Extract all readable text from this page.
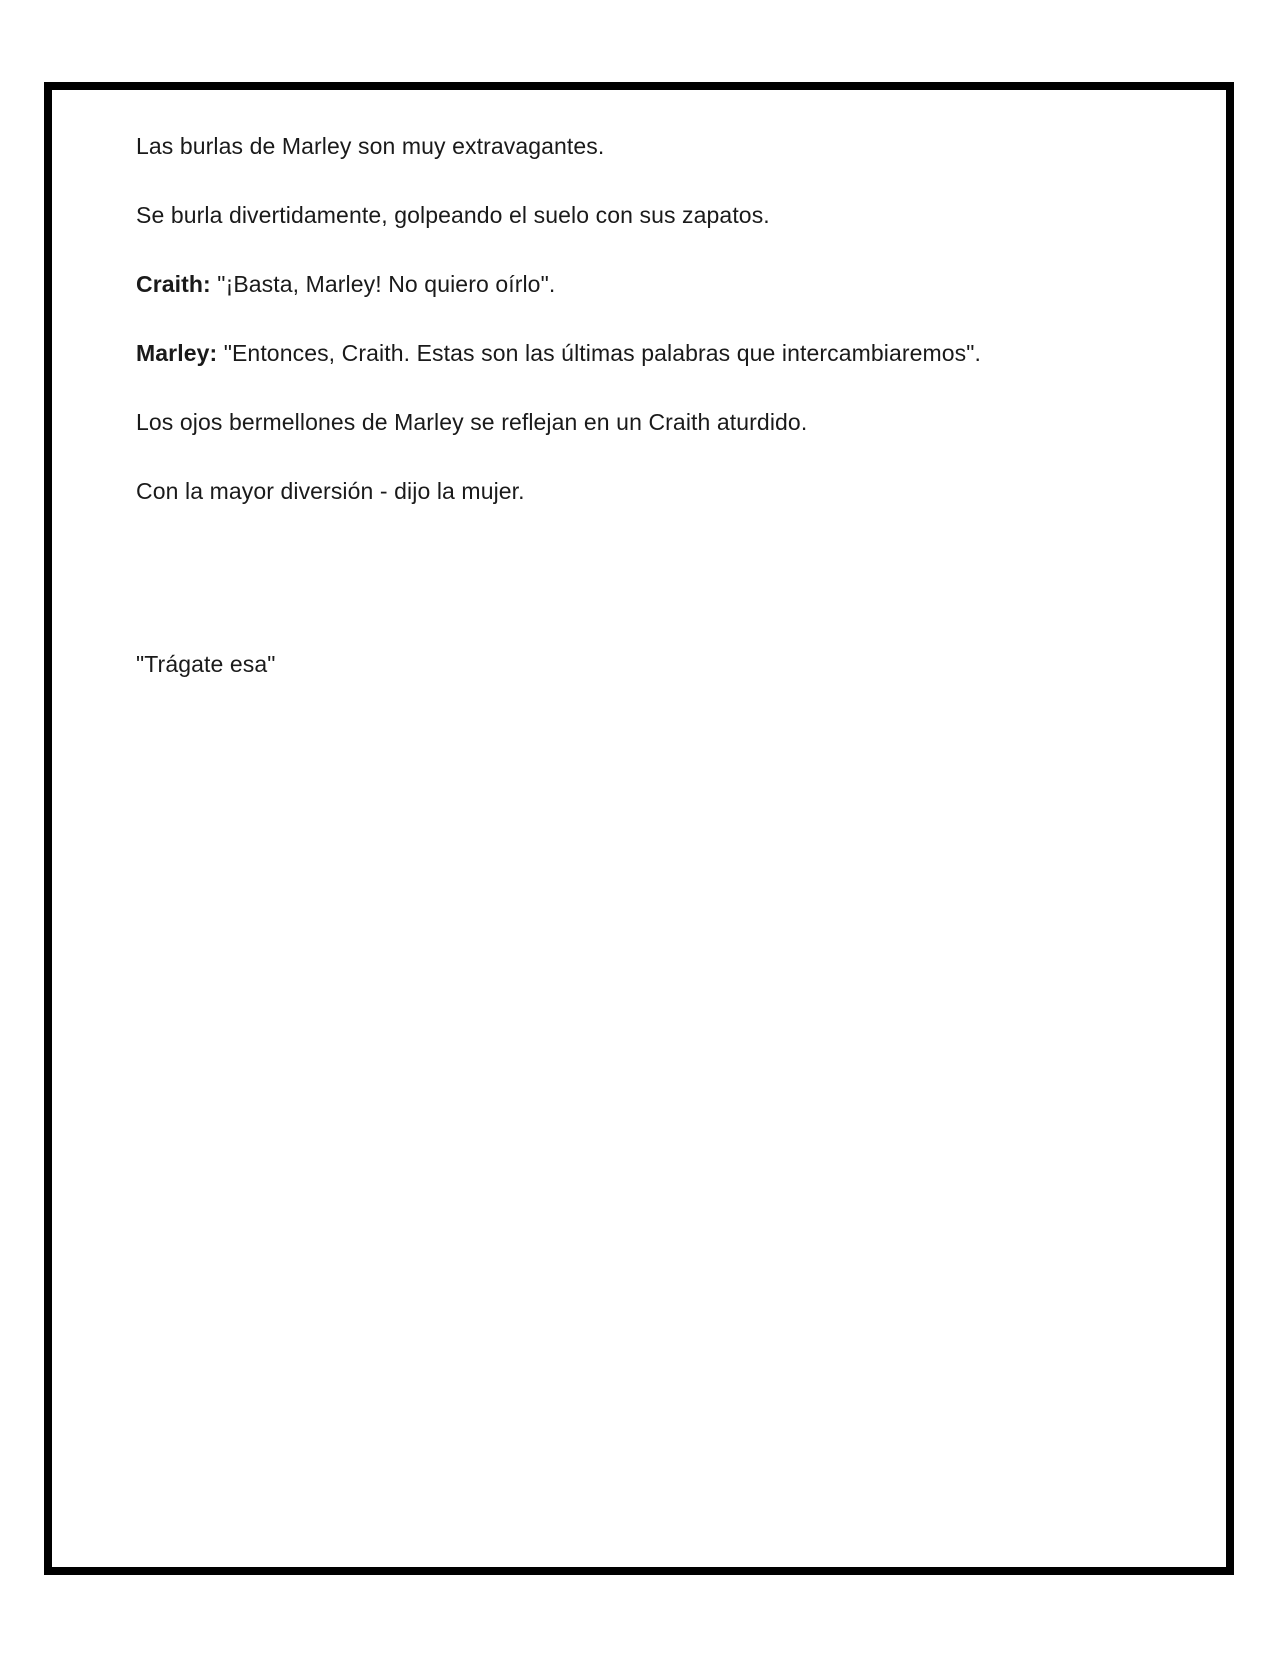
Las burlas de Marley son muy extravagantes.

Se burla divertidamente, golpeando el suelo con sus zapatos.

Craith: "¡Basta, Marley! No quiero oírlo".

Marley: "Entonces, Craith. Estas son las últimas palabras que intercambiaremos".

Los ojos bermellones de Marley se reflejan en un Craith aturdido.

Con la mayor diversión - dijo la mujer.

"Trágate esa"
